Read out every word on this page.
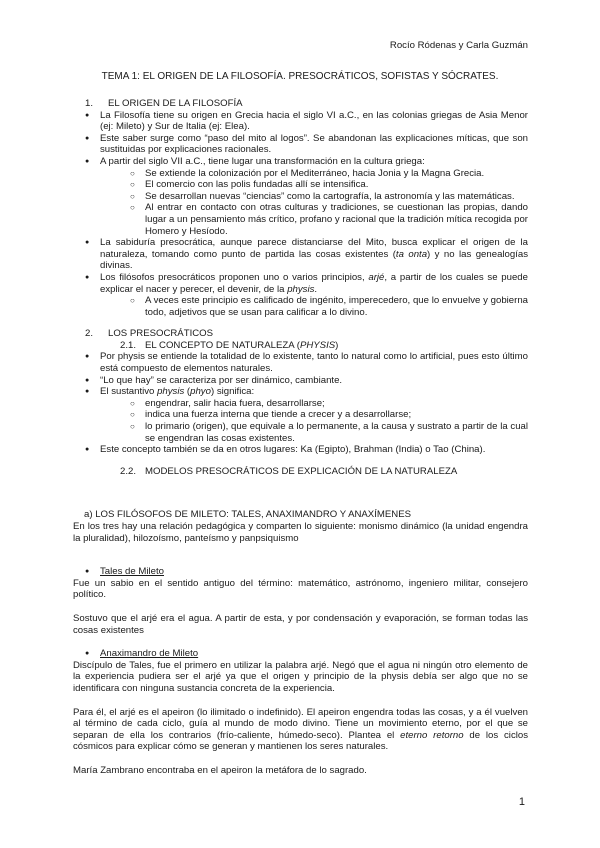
Rocío Ródenas y Carla Guzmán
TEMA 1: EL ORIGEN DE LA FILOSOFÍA. PRESOCRÁTICOS, SOFISTAS Y SÓCRATES.
1. EL ORIGEN DE LA FILOSOFÍA
● La Filosofía tiene su origen en Grecia hacia el siglo VI a.C., en las colonias griegas de Asia Menor (ej: Mileto) y Sur de Italia (ej: Elea).
● Este saber surge como “paso del mito al logos”. Se abandonan las explicaciones míticas, que son sustituidas por explicaciones racionales.
● A partir del siglo VII a.C., tiene lugar una transformación en la cultura griega:
○ Se extiende la colonización por el Mediterráneo, hacia Jonia y la Magna Grecia.
○ El comercio con las polis fundadas allí se intensifica.
○ Se desarrollan nuevas “ciencias” como la cartografía, la astronomía y las matemáticas.
○ Al entrar en contacto con otras culturas y tradiciones, se cuestionan las propias, dando lugar a un pensamiento más crítico, profano y racional que la tradición mítica recogida por Homero y Hesíodo.
● La sabiduría presocrática, aunque parece distanciarse del Mito, busca explicar el origen de la naturaleza, tomando como punto de partida las cosas existentes (ta onta) y no las genealogías divinas.
● Los filósofos presocráticos proponen uno o varios principios, arjé, a partir de los cuales se puede explicar el nacer y perecer, el devenir, de la physis.
○ A veces este principio es calificado de ingénito, imperecedero, que lo envuelve y gobierna todo, adjetivos que se usan para calificar a lo divino.
2. LOS PRESOCRÁTICOS
2.1. EL CONCEPTO DE NATURALEZA (PHYSIS)
● Por physis se entiende la totalidad de lo existente, tanto lo natural como lo artificial, pues esto último está compuesto de elementos naturales.
● “Lo que hay” se caracteriza por ser dinámico, cambiante.
● El sustantivo physis (phyo) significa:
○ engendrar, salir hacia fuera, desarrollarse;
○ indica una fuerza interna que tiende a crecer y a desarrollarse;
○ lo primario (origen), que equivale a lo permanente, a la causa y sustrato a partir de la cual se engendran las cosas existentes.
● Este concepto también se da en otros lugares: Ka (Egipto), Brahman (India) o Tao (China).
2.2. MODELOS PRESOCRÁTICOS DE EXPLICACIÓN DE LA NATURALEZA
a) LOS FILÓSOFOS DE MILETO: TALES, ANAXIMANDRO Y ANAXÍMENES

En los tres hay una relación pedagógica y comparten lo siguiente: monismo dinámico (la unidad engendra la pluralidad), hilozoísmo, panteísmo y panpsiquismo

● Tales de Mileto

Fue un sabio en el sentido antiguo del término: matemático, astrónomo, ingeniero militar, consejero político.

Sostuvo que el arjé era el agua. A partir de esta, y por condensación y evaporación, se forman todas las cosas existentes

● Anaximandro de Mileto

Discípulo de Tales, fue el primero en utilizar la palabra arjé. Negó que el agua ni ningún otro elemento de la experiencia pudiera ser el arjé ya que el origen y principio de la physis debía ser algo que no se identificara con ninguna sustancia concreta de la experiencia.

Para él, el arjé es el apeiron (lo ilimitado o indefinido). El apeiron engendra todas las cosas, y a él vuelven al término de cada ciclo, guía al mundo de modo divino. Tiene un movimiento eterno, por el que se separan de ella los contrarios (frío-caliente, húmedo-seco). Plantea el eterno retorno de los ciclos cósmicos para explicar cómo se generan y mantienen los seres naturales.

María Zambrano encontraba en el apeiron la metáfora de lo sagrado.

1
